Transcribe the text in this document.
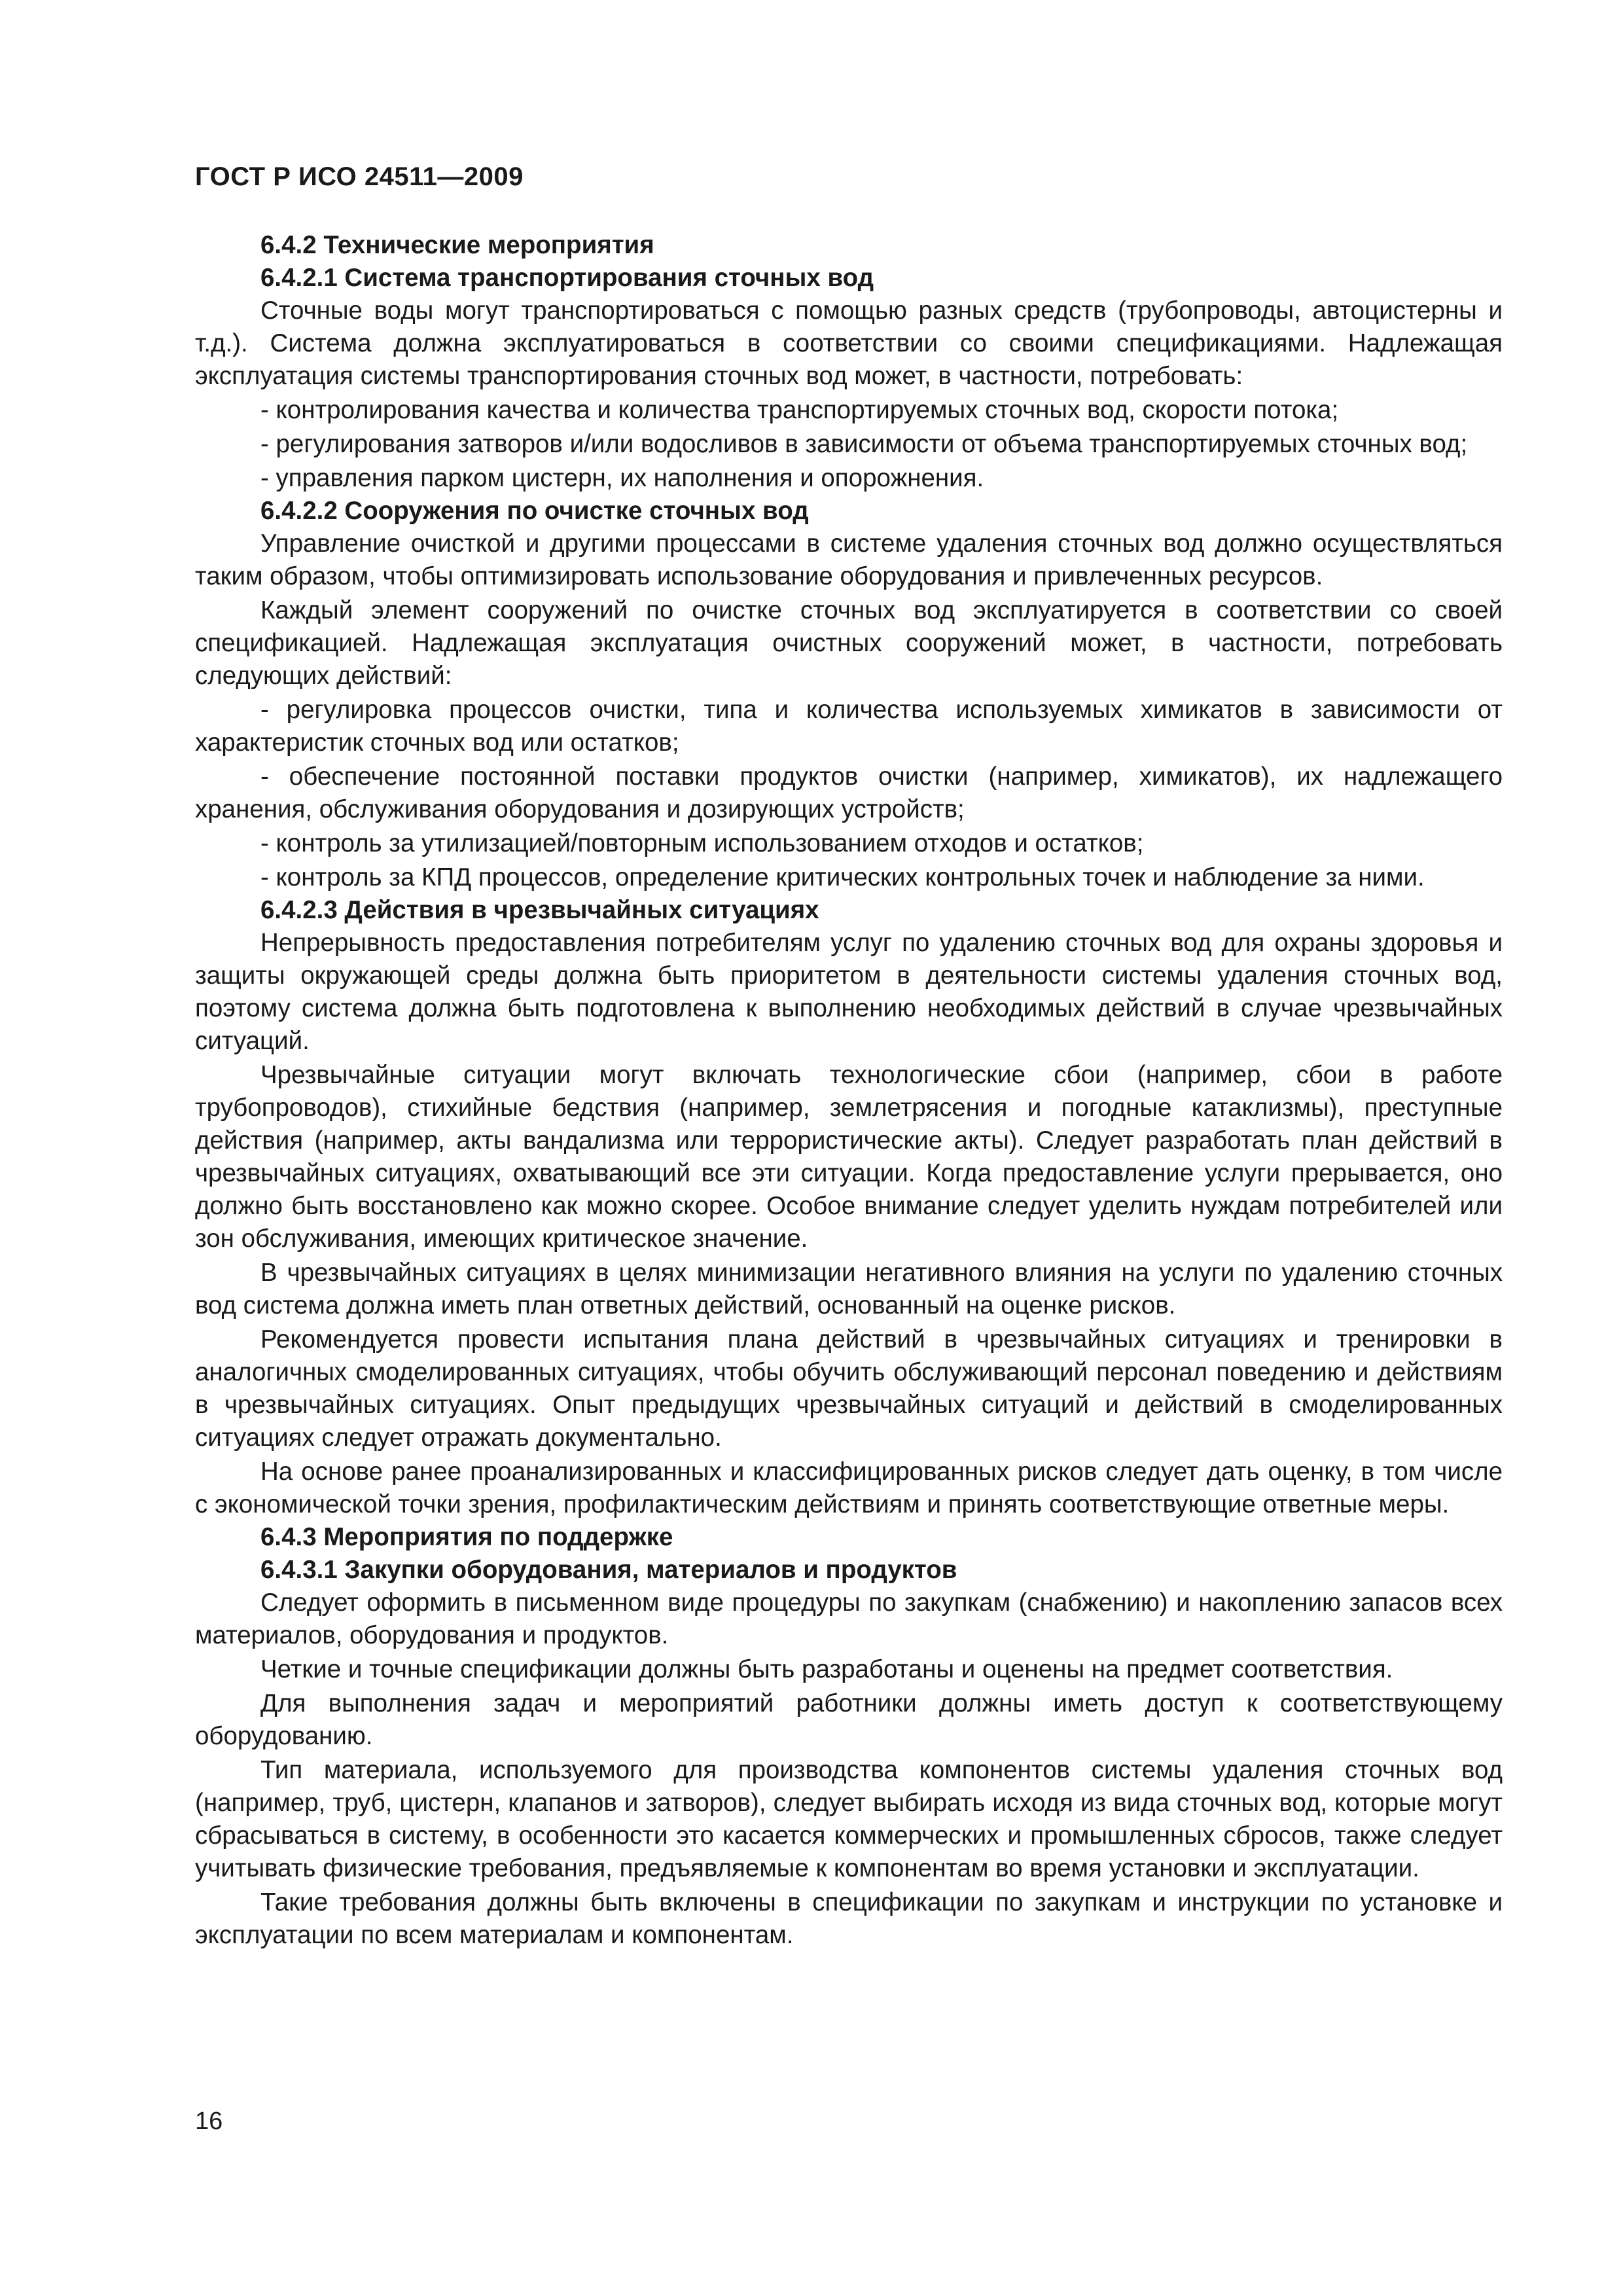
ГОСТ Р ИСО 24511—2009
6.4.2 Технические мероприятия
6.4.2.1 Система транспортирования сточных вод

Сточные воды могут транспортироваться с помощью разных средств (трубопроводы, автоцистерны и т.д.). Система должна эксплуатироваться в соответствии со своими спецификациями. Надлежащая эксплуатация системы транспортирования сточных вод может, в частности, потребовать:

- контролирования качества и количества транспортируемых сточных вод, скорости потока;

- регулирования затворов и/или водосливов в зависимости от объема транспортируемых сточных вод;

- управления парком цистерн, их наполнения и опорожнения.

6.4.2.2 Сооружения по очистке сточных вод

Управление очисткой и другими процессами в системе удаления сточных вод должно осуществляться таким образом, чтобы оптимизировать использование оборудования и привлеченных ресурсов.

Каждый элемент сооружений по очистке сточных вод эксплуатируется в соответствии со своей спецификацией. Надлежащая эксплуатация очистных сооружений может, в частности, потребовать следующих действий:

- регулировка процессов очистки, типа и количества используемых химикатов в зависимости от характеристик сточных вод или остатков;

- обеспечение постоянной поставки продуктов очистки (например, химикатов), их надлежащего хранения, обслуживания оборудования и дозирующих устройств;

- контроль за утилизацией/повторным использованием отходов и остатков;

- контроль за КПД процессов, определение критических контрольных точек и наблюдение за ними.

6.4.2.3 Действия в чрезвычайных ситуациях

Непрерывность предоставления потребителям услуг по удалению сточных вод для охраны здоровья и защиты окружающей среды должна быть приоритетом в деятельности системы удаления сточных вод, поэтому система должна быть подготовлена к выполнению необходимых действий в случае чрезвычайных ситуаций.

Чрезвычайные ситуации могут включать технологические сбои (например, сбои в работе трубопроводов), стихийные бедствия (например, землетрясения и погодные катаклизмы), преступные действия (например, акты вандализма или террористические акты). Следует разработать план действий в чрезвычайных ситуациях, охватывающий все эти ситуации. Когда предоставление услуги прерывается, оно должно быть восстановлено как можно скорее. Особое внимание следует уделить нуждам потребителей или зон обслуживания, имеющих критическое значение.

В чрезвычайных ситуациях в целях минимизации негативного влияния на услуги по удалению сточных вод система должна иметь план ответных действий, основанный на оценке рисков.

Рекомендуется провести испытания плана действий в чрезвычайных ситуациях и тренировки в аналогичных смоделированных ситуациях, чтобы обучить обслуживающий персонал поведению и действиям в чрезвычайных ситуациях. Опыт предыдущих чрезвычайных ситуаций и действий в смоделированных ситуациях следует отражать документально.

На основе ранее проанализированных и классифицированных рисков следует дать оценку, в том числе с экономической точки зрения, профилактическим действиям и принять соответствующие ответные меры.

6.4.3 Мероприятия по поддержке
6.4.3.1 Закупки оборудования, материалов и продуктов

Следует оформить в письменном виде процедуры по закупкам (снабжению) и накоплению запасов всех материалов, оборудования и продуктов.

Четкие и точные спецификации должны быть разработаны и оценены на предмет соответствия.

Для выполнения задач и мероприятий работники должны иметь доступ к соответствующему оборудованию.

Тип материала, используемого для производства компонентов системы удаления сточных вод (например, труб, цистерн, клапанов и затворов), следует выбирать исходя из вида сточных вод, которые могут сбрасываться в систему, в особенности это касается коммерческих и промышленных сбросов, также следует учитывать физические требования, предъявляемые к компонентам во время установки и эксплуатации.

Такие требования должны быть включены в спецификации по закупкам и инструкции по установке и эксплуатации по всем материалам и компонентам.

16
